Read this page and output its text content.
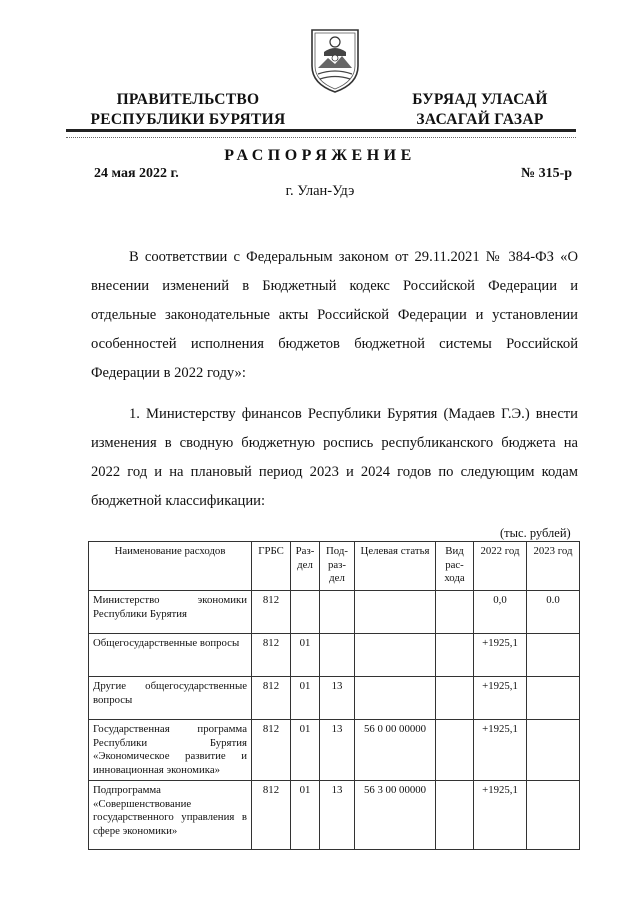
ПРАВИТЕЛЬСТВО
РЕСПУБЛИКИ БУРЯТИЯ
БУРЯАД УЛАСАЙ
ЗАСАГАЙ ГАЗАР
РАСПОРЯЖЕНИЕ
24 мая 2022 г.	№ 315-р
г. Улан-Удэ
В соответствии с Федеральным законом от 29.11.2021 № 384-ФЗ «О внесении изменений в Бюджетный кодекс Российской Федерации и отдельные законодательные акты Российской Федерации и установлении особенностей исполнения бюджетов бюджетной системы Российской Федерации в 2022 году»:
1. Министерству финансов Республики Бурятия (Мадаев Г.Э.) внести изменения в сводную бюджетную роспись республиканского бюджета на 2022 год и на плановый период 2023 и 2024 годов по следующим кодам бюджетной классификации:
(тыс. рублей)
Наименование расходов	ГРБС	Раз-дел	Под-раз-дел	Целевая статья	Вид рас-хода	2022 год	2023 год
Министерство экономики Республики Бурятия	812					0,0	0.0
Общегосударственные вопросы	812	01				+1925,1	
Другие общегосударственные вопросы	812	01	13			+1925,1	
Государственная программа Республики Бурятия «Экономическое развитие и инновационная экономика»	812	01	13	56 0 00 00000		+1925,1	
Подпрограмма «Совершенствование государственного управления в сфере экономики»	812	01	13	56 3 00 00000		+1925,1	
